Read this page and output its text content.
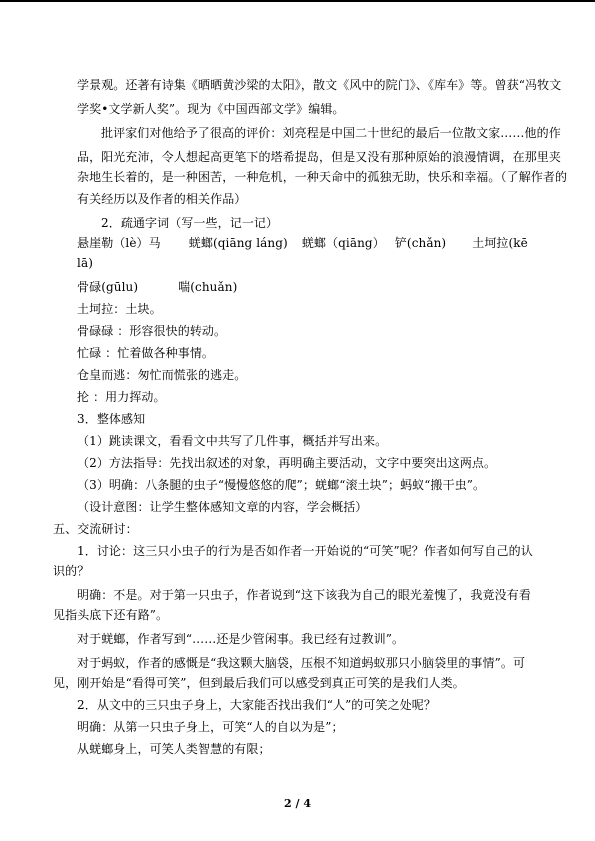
学景观。还著有诗集《晒晒黄沙梁的太阳》，散文《风中的院门》、《库车》等。曾获“冯牧文
学奖•文学新人奖”。现为《中国西部文学》编辑。
批评家们对他给予了很高的评价：刘亮程是中国二十世纪的最后一位散文家……他的作
品，阳光充沛，令人想起高更笔下的塔希提岛，但是又没有那种原始的浪漫情调，在那里夹
杂地生长着的，是一种困苦，一种危机，一种天命中的孤独无助，快乐和幸福。（了解作者的
有关经历以及作者的相关作品）
2．疏通字词（写一些，记一记）
悬崖勒（lè）马 蜣螂(qiāng láng) 蜣螂（qiāng） 铲(chǎn) 土坷拉(kē
lā)
骨碌(gūlu)	喘(chuǎn)
土坷拉：土块。
骨碌碌 ：形容很快的转动。
忙碌 ：忙着做各种事情。
仓皇而逃：匆忙而慌张的逃走。
抡 ：用力挥动。
3．整体感知
（1）跳读课文，看看文中共写了几件事，概括并写出来。
（2）方法指导：先找出叙述的对象，再明确主要活动，文字中要突出这两点。
（3）明确：八条腿的虫子“慢慢悠悠的爬”；蜣螂“滚土块”；蚂蚁“搬干虫”。
（设计意图：让学生整体感知文章的内容，学会概括）
五、交流研讨：
1．讨论：这三只小虫子的行为是否如作者一开始说的“可笑”呢？作者如何写自己的认
识的？
明确：不是。对于第一只虫子，作者说到“这下该我为自己的眼光羞愧了，我竟没有看
见指头底下还有路”。
对于蜣螂，作者写到“……还是少管闲事。我已经有过教训”。
对于蚂蚁，作者的感慨是“我这颗大脑袋，压根不知道蚂蚁那只小脑袋里的事情”。可
见，刚开始是“看得可笑”，但到最后我们可以感受到真正可笑的是我们人类。
2．从文中的三只虫子身上，大家能否找出我们“人”的可笑之处呢？
明确：从第一只虫子身上，可笑“人的自以为是”；
从蜣螂身上，可笑人类智慧的有限；
2 / 4
